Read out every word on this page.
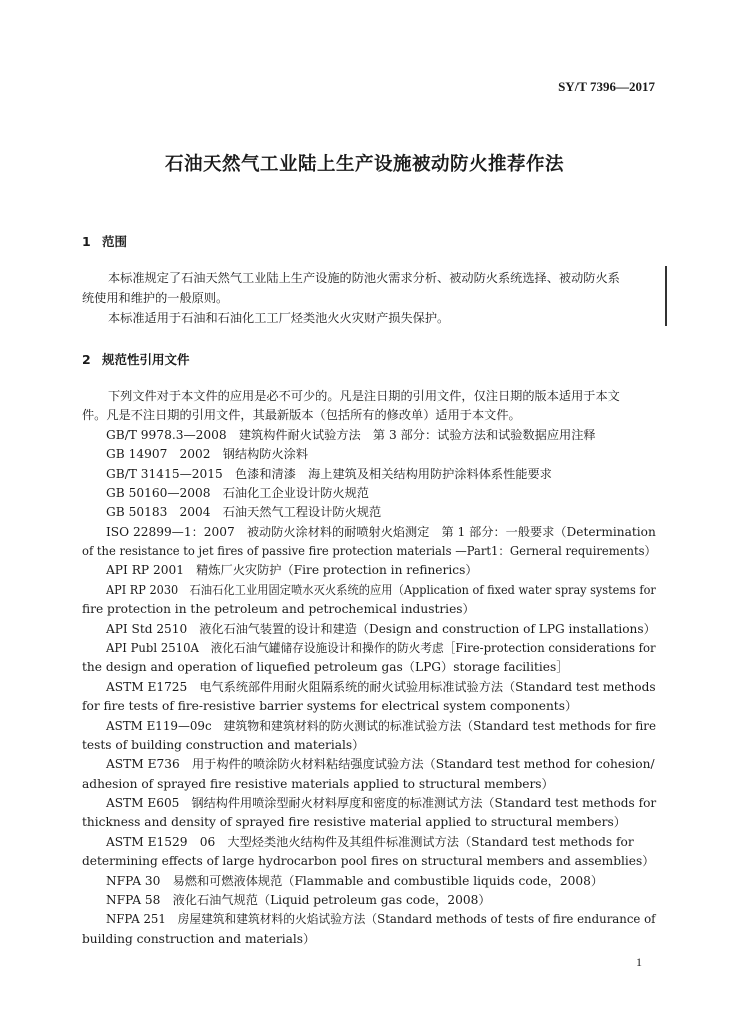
SY/T 7396—2017
石油天然气工业陆上生产设施被动防火推荐作法
1 范围
本标准规定了石油天然气工业陆上生产设施的防池火需求分析、被动防火系统选择、被动防火系
统使用和维护的一般原则。
本标准适用于石油和石油化工工厂烃类池火火灾财产损失保护。
2 规范性引用文件
下列文件对于本文件的应用是必不可少的。凡是注日期的引用文件，仅注日期的版本适用于本文
件。凡是不注日期的引用文件，其最新版本（包括所有的修改单）适用于本文件。
GB/T 9978.3—2008　建筑构件耐火试验方法　第 3 部分：试验方法和试验数据应用注释
GB 14907　2002　钢结构防火涂料
GB/T 31415—2015　色漆和清漆　海上建筑及相关结构用防护涂料体系性能要求
GB 50160—2008　石油化工企业设计防火规范
GB 50183　2004　石油天然气工程设计防火规范
ISO 22899—1：2007　被动防火涂材料的耐喷射火焰测定　第 1 部分：一般要求（Determination
of the resistance to jet fires of passive fire protection materials —Part1：Gerneral requirements）
API RP 2001　精炼厂火灾防护（Fire protection in refinerics）
API RP 2030　石油石化工业用固定喷水灭火系统的应用（Application of fixed water spray systems for
fire protection in the petroleum and petrochemical industries）
API Std 2510　液化石油气装置的设计和建造（Design and construction of LPG installations）
API Publ 2510A　液化石油气罐储存设施设计和操作的防火考虑［Fire-protection considerations for
the design and operation of liquefied petroleum gas（LPG）storage facilities］
ASTM E1725　电气系统部件用耐火阻隔系统的耐火试验用标准试验方法（Standard test methods
for fire tests of fire-resistive barrier systems for electrical system components）
ASTM E119—09c　建筑物和建筑材料的防火测试的标准试验方法（Standard test methods for fire
tests of building construction and materials）
ASTM E736　用于构件的喷涂防火材料粘结强度试验方法（Standard test method for cohesion/
adhesion of sprayed fire resistive materials applied to structural members）
ASTM E605　钢结构件用喷涂型耐火材料厚度和密度的标准测试方法（Standard test methods for
thickness and density of sprayed fire resistive material applied to structural members）
ASTM E1529　06　大型烃类池火结构件及其组件标准测试方法（Standard test methods for
determining effects of large hydrocarbon pool fires on structural members and assemblies）
NFPA 30　易燃和可燃液体规范（Flammable and combustible liquids code，2008）
NFPA 58　液化石油气规范（Liquid petroleum gas code，2008）
NFPA 251　房屋建筑和建筑材料的火焰试验方法（Standard methods of tests of fire endurance of
building construction and materials）
1
